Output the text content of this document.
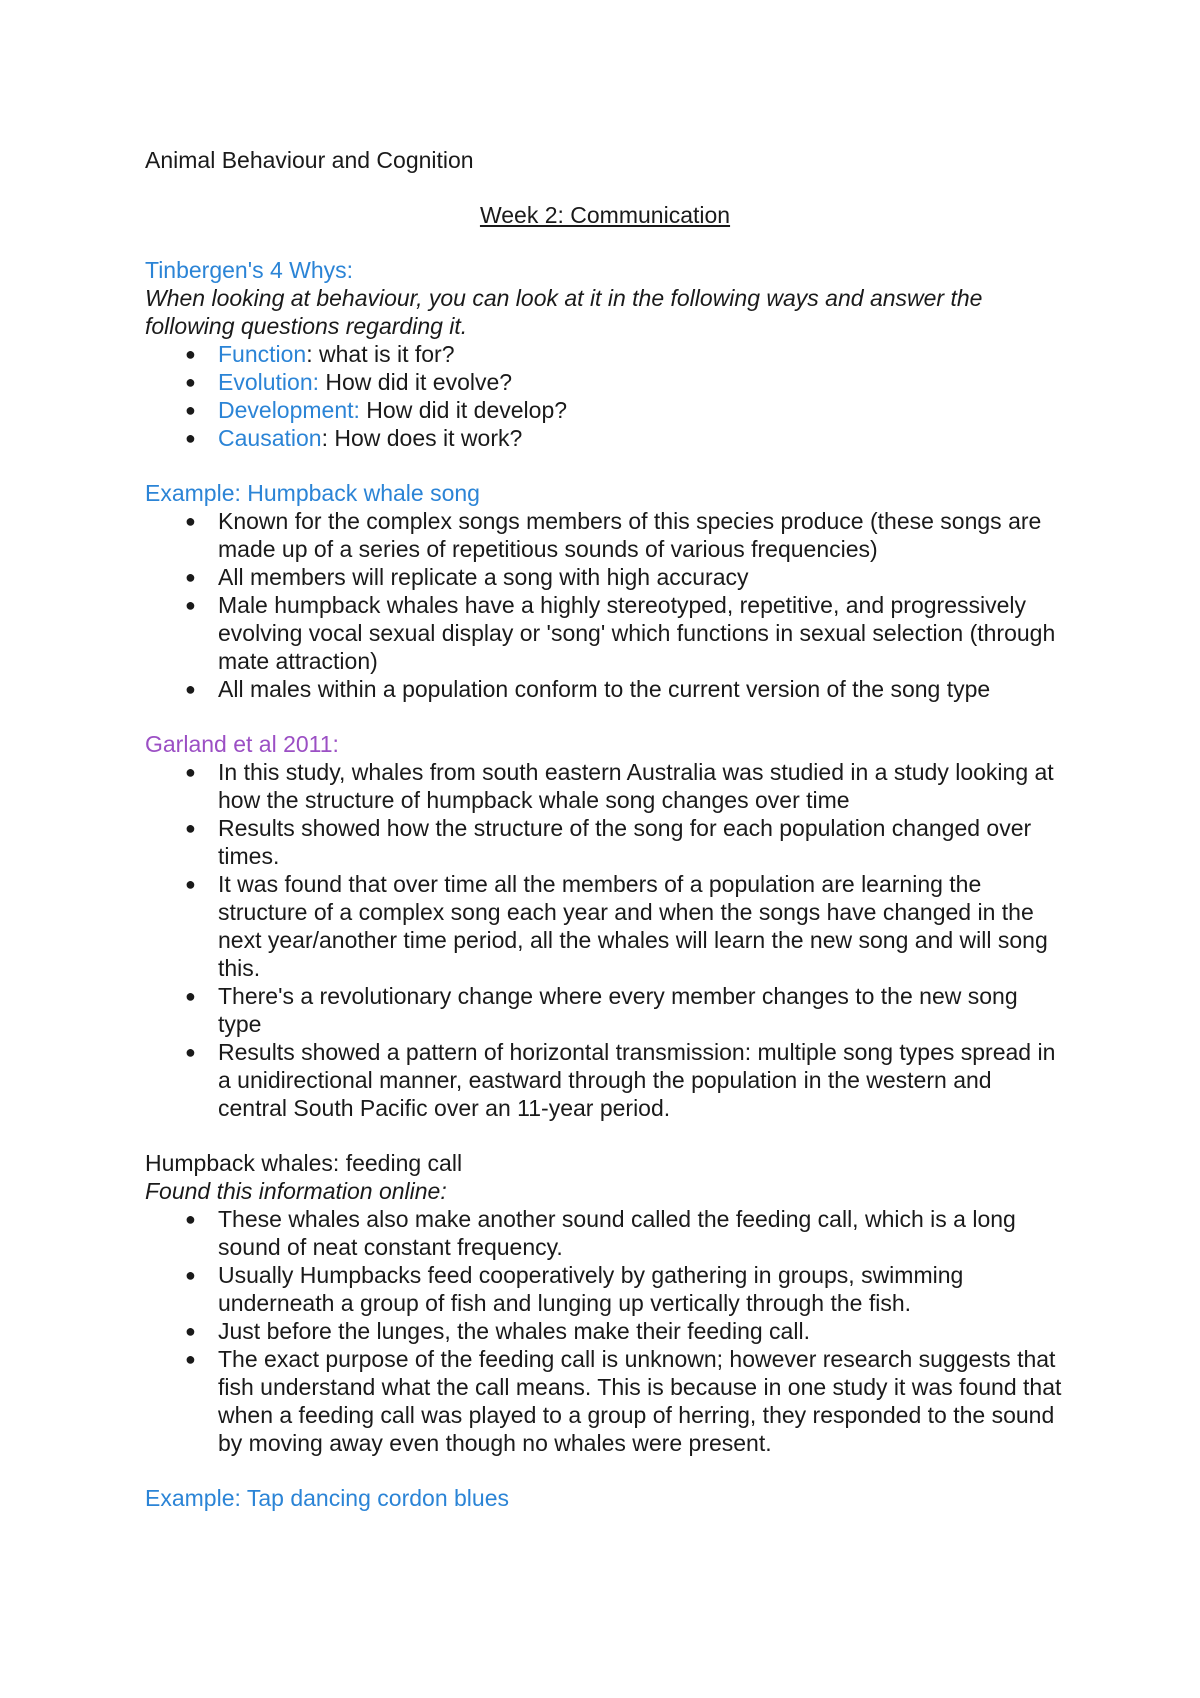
Animal Behaviour and Cognition

Week 2: Communication

Tinbergen's 4 Whys:

When looking at behaviour, you can look at it in the following ways and answer the following questions regarding it.

● Function: what is it for?
● Evolution: How did it evolve?
● Development: How did it develop?
● Causation: How does it work?

Example: Humpback whale song

● Known for the complex songs members of this species produce (these songs are made up of a series of repetitious sounds of various frequencies)
● All members will replicate a song with high accuracy
● Male humpback whales have a highly stereotyped, repetitive, and progressively evolving vocal sexual display or 'song' which functions in sexual selection (through mate attraction)
● All males within a population conform to the current version of the song type

Garland et al 2011:

● In this study, whales from south eastern Australia was studied in a study looking at how the structure of humpback whale song changes over time
● Results showed how the structure of the song for each population changed over times.
● It was found that over time all the members of a population are learning the structure of a complex song each year and when the songs have changed in the next year/another time period, all the whales will learn the new song and will song this.
● There's a revolutionary change where every member changes to the new song type
● Results showed a pattern of horizontal transmission: multiple song types spread in a unidirectional manner, eastward through the population in the western and central South Pacific over an 11-year period.

Humpback whales: feeding call

Found this information online:

● These whales also make another sound called the feeding call, which is a long sound of neat constant frequency.
● Usually Humpbacks feed cooperatively by gathering in groups, swimming underneath a group of fish and lunging up vertically through the fish.
● Just before the lunges, the whales make their feeding call.
● The exact purpose of the feeding call is unknown; however research suggests that fish understand what the call means. This is because in one study it was found that when a feeding call was played to a group of herring, they responded to the sound by moving away even though no whales were present.

Example: Tap dancing cordon blues
